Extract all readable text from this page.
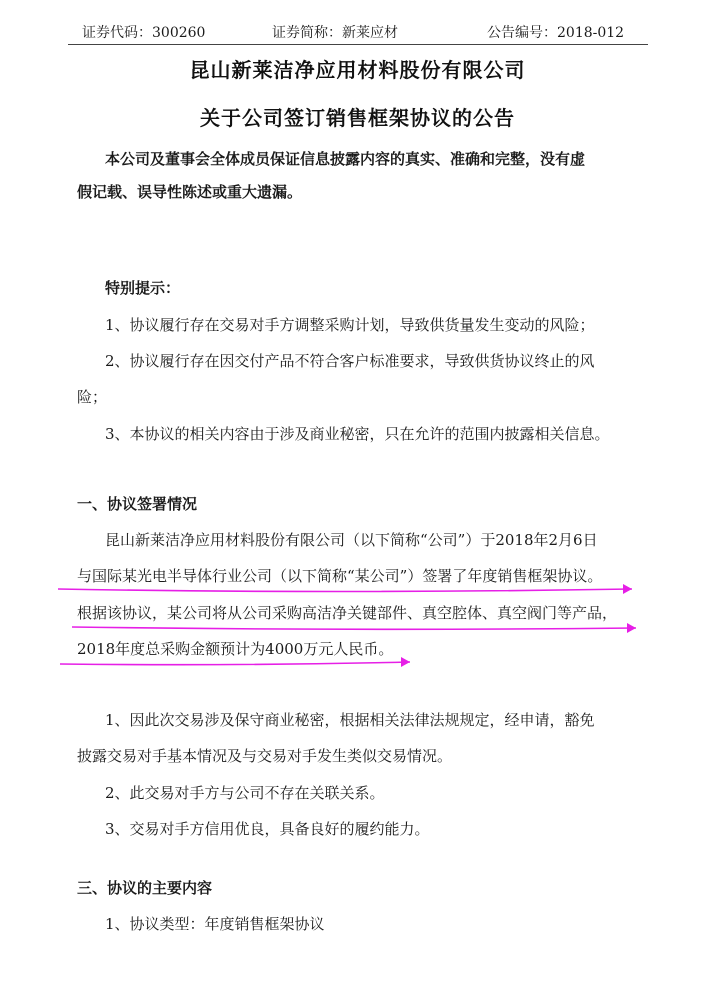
证券代码：300260	证券简称：新莱应材	公告编号：2018-012
昆山新莱洁净应用材料股份有限公司
关于公司签订销售框架协议的公告
本公司及董事会全体成员保证信息披露内容的真实、准确和完整，没有虚
假记载、误导性陈述或重大遗漏。
特别提示：
1、协议履行存在交易对手方调整采购计划，导致供货量发生变动的风险；
2、协议履行存在因交付产品不符合客户标准要求，导致供货协议终止的风
险；
3、本协议的相关内容由于涉及商业秘密，只在允许的范围内披露相关信息。
一、协议签署情况
昆山新莱洁净应用材料股份有限公司（以下简称“公司”）于2018年2月6日
与国际某光电半导体行业公司（以下简称“某公司”）签署了年度销售框架协议。
根据该协议，某公司将从公司采购高洁净关键部件、真空腔体、真空阀门等产品，
2018年度总采购金额预计为4000万元人民币。
1、因此次交易涉及保守商业秘密，根据相关法律法规规定，经申请，豁免
披露交易对手基本情况及与交易对手发生类似交易情况。
2、此交易对手方与公司不存在关联关系。
3、交易对手方信用优良，具备良好的履约能力。
三、协议的主要内容
1、协议类型：年度销售框架协议
